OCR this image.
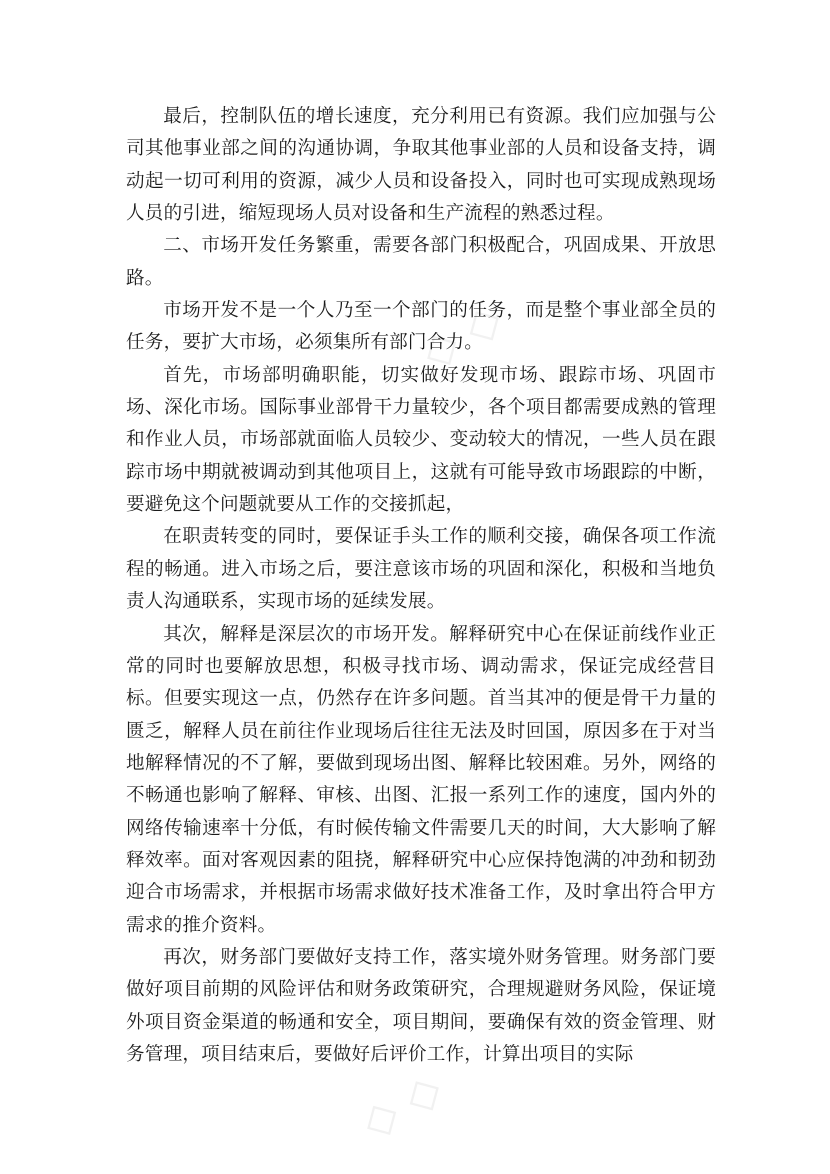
最后，控制队伍的增长速度，充分利用已有资源。我们应加强与公司其他事业部之间的沟通协调，争取其他事业部的人员和设备支持，调动起一切可利用的资源，减少人员和设备投入，同时也可实现成熟现场人员的引进，缩短现场人员对设备和生产流程的熟悉过程。

二、市场开发任务繁重，需要各部门积极配合，巩固成果、开放思路。

市场开发不是一个人乃至一个部门的任务，而是整个事业部全员的任务，要扩大市场，必须集所有部门合力。

首先，市场部明确职能，切实做好发现市场、跟踪市场、巩固市场、深化市场。国际事业部骨干力量较少，各个项目都需要成熟的管理和作业人员，市场部就面临人员较少、变动较大的情况，一些人员在跟踪市场中期就被调动到其他项目上，这就有可能导致市场跟踪的中断，要避免这个问题就要从工作的交接抓起，

在职责转变的同时，要保证手头工作的顺利交接，确保各项工作流程的畅通。进入市场之后，要注意该市场的巩固和深化，积极和当地负责人沟通联系，实现市场的延续发展。

其次，解释是深层次的市场开发。解释研究中心在保证前线作业正常的同时也要解放思想，积极寻找市场、调动需求，保证完成经营目标。但要实现这一点，仍然存在许多问题。首当其冲的便是骨干力量的匮乏，解释人员在前往作业现场后往往无法及时回国，原因多在于对当地解释情况的不了解，要做到现场出图、解释比较困难。另外，网络的不畅通也影响了解释、审核、出图、汇报一系列工作的速度，国内外的网络传输速率十分低，有时候传输文件需要几天的时间，大大影响了解释效率。面对客观因素的阻挠，解释研究中心应保持饱满的冲劲和韧劲迎合市场需求，并根据市场需求做好技术准备工作，及时拿出符合甲方需求的推介资料。

再次，财务部门要做好支持工作，落实境外财务管理。财务部门要做好项目前期的风险评估和财务政策研究，合理规避财务风险，保证境外项目资金渠道的畅通和安全，项目期间，要确保有效的资金管理、财务管理，项目结束后，要做好后评价工作，计算出项目的实际

◇ ◇
◇ ◇
